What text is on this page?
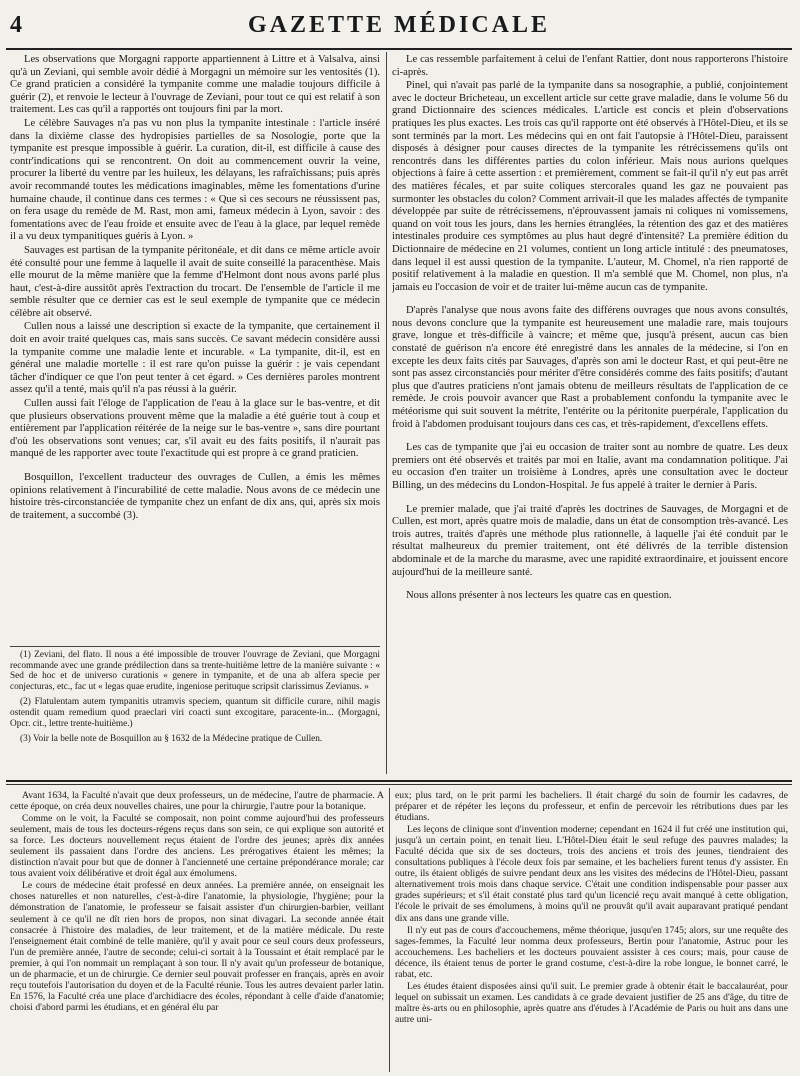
4	GAZETTE MÉDICALE

Les observations que Morgagni rapporte appartiennent à Littre et à Valsalva, ainsi qu'à un Zeviani, qui semble avoir dédié à Morgagni un mémoire sur les ventosités (1). Ce grand praticien a considéré la tympanite comme une maladie toujours difficile à guérir (2), et renvoie le lecteur à l'ouvrage de Zeviani, pour tout ce qui est relatif à son traitement. Les cas qu'il a rapportés ont toujours fini par la mort.

Le célèbre Sauvages n'a pas vu non plus la tympanite intestinale : l'article inséré dans la dixième classe des hydropisies partielles de sa Nosologie, porte que la tympanite est presque impossible à guérir. La curation, dit-il, est difficile à cause des contr'indications qui se rencontrent. On doit au commencement ouvrir la veine, procurer la liberté du ventre par les huileux, les délayans, les rafraîchissans; puis après avoir recommandé toutes les médications imaginables, même les fomentations d'urine humaine chaude, il continue dans ces termes : « Que si ces secours ne réussissent pas, on fera usage du remède de M. Rast, mon ami, fameux médecin à Lyon, savoir : des fomentations avec de l'eau froide et ensuite avec de l'eau à la glace, par lequel remède il a vu deux tympanitiques guéris à Lyon. »

Sauvages est partisan de la tympanite péritonéale, et dit dans ce même article avoir été consulté pour une femme à laquelle il avait de suite conseillé la paracenthèse. Mais elle mourut de la même manière que la femme d'Helmont dont nous avons parlé plus haut, c'est-à-dire aussitôt après l'extraction du trocart. De l'ensemble de l'article il me semble résulter que ce dernier cas est le seul exemple de tympanite que ce médecin célèbre ait observé.

Cullen nous a laissé une description si exacte de la tympanite, que certainement il doit en avoir traité quelques cas, mais sans succès. Ce savant médecin considère aussi la tympanite comme une maladie lente et incurable. « La tympanite, dit-il, est en général une maladie mortelle : il est rare qu'on puisse la guérir : je vais cependant tâcher d'indiquer ce que l'on peut tenter à cet égard. » Ces dernières paroles montrent assez qu'il a tenté, mais qu'il n'a pas réussi à la guérir.

Cullen aussi fait l'éloge de l'application de l'eau à la glace sur le bas-ventre, et dit que plusieurs observations prouvent même que la maladie a été guérie tout à coup et entièrement par l'application réitérée de la neige sur le bas-ventre », sans dire pourtant d'où les observations sont venues; car, s'il avait eu des faits positifs, il n'aurait pas manqué de les rapporter avec toute l'exactitude qui est propre à ce grand praticien.

Bosquillon, l'excellent traducteur des ouvrages de Cullen, a émis les mêmes opinions relativement à l'incurabilité de cette maladie. Nous avons de ce médecin une histoire très-circonstanciée de tympanite chez un enfant de dix ans, qui, après six mois de traitement, a succombé (3).

(1) Zeviani, del flato. Il nous a été impossible de trouver l'ouvrage de Zeviani, que Morgagni recommande avec une grande prédilection dans sa trente-huitième lettre de la manière suivante : « Sed de hoc et de universo curationis « genere in tympanite, et de una ab alfera specie per conjecturas, etc., fac ut « legas quae erudite, ingeniose perituque scripsit clarissimus Zevianus. »

(2) Flatulentam autem tympanitis utramvis speciem, quantum sit difficile curare, nihil magis ostendit quam remedium quod praeclari viri coacti sunt excogitare, paracente-in... (Morgagni, Opcr. cit., lettre trente-huitième.)

(3) Voir la belle note de Bosquillon au § 1632 de la Médecine pratique de Cullen.

Le cas ressemble parfaitement à celui de l'enfant Rattier, dont nous rapporterons l'histoire ci-après.

Pinel, qui n'avait pas parlé de la tympanite dans sa nosographie, a publié, conjointement avec le docteur Bricheteau, un excellent article sur cette grave maladie, dans le volume 56 du grand Dictionnaire des sciences médicales. L'article est concis et plein d'observations pratiques les plus exactes. Les trois cas qu'il rapporte ont été observés à l'Hôtel-Dieu, et ils se sont terminés par la mort. Les médecins qui en ont fait l'autopsie à l'Hôtel-Dieu, paraissent disposés à désigner pour causes directes de la tympanite les rétrécissemens qu'ils ont rencontrés dans les différentes parties du colon inférieur. Mais nous aurions quelques objections à faire à cette assertion : et premièrement, comment se fait-il qu'il n'y eut pas arrêt des matières fécales, et par suite coliques stercorales quand les gaz ne pouvaient pas surmonter les obstacles du colon? Comment arrivait-il que les malades affectés de tympanite développée par suite de rétrécissemens, n'éprouvassent jamais ni coliques ni vomissemens, quand on voit tous les jours, dans les hernies étranglées, la rétention des gaz et des matières intestinales produire ces symptômes au plus haut degré d'intensité? La première édition du Dictionnaire de médecine en 21 volumes, contient un long article intitulé : des pneumatoses, dans lequel il est aussi question de la tympanite. L'auteur, M. Chomel, n'a rien rapporté de positif relativement à la maladie en question. Il m'a semblé que M. Chomel, non plus, n'a jamais eu l'occasion de voir et de traiter lui-même aucun cas de tympanite.

D'après l'analyse que nous avons faite des différens ouvrages que nous avons consultés, nous devons conclure que la tympanite est heureusement une maladie rare, mais toujours grave, longue et très-difficile à vaincre; et même que, jusqu'à présent, aucun cas bien constaté de guérison n'a encore été enregistré dans les annales de la médecine, si l'on en excepte les deux faits cités par Sauvages, d'après son ami le docteur Rast, et qui peut-être ne sont pas assez circonstanciés pour mériter d'être considérés comme des faits positifs; d'autant plus que d'autres praticiens n'ont jamais obtenu de meilleurs résultats de l'application de ce remède. Je crois pouvoir avancer que Rast a probablement confondu la tympanite avec le météorisme qui suit souvent la métrite, l'entérite ou la péritonite puerpérale, l'application du froid à l'abdomen produisant toujours dans ces cas, et très-rapidement, d'excellens effets.

Les cas de tympanite que j'ai eu occasion de traiter sont au nombre de quatre. Les deux premiers ont été observés et traités par moi en Italie, avant ma condamnation politique. J'ai eu occasion d'en traiter un troisième à Londres, après une consultation avec le docteur Billing, un des médecins du London-Hospital. Je fus appelé à traiter le dernier à Paris.

Le premier malade, que j'ai traité d'après les doctrines de Sauvages, de Morgagni et de Cullen, est mort, après quatre mois de maladie, dans un état de consomption très-avancé. Les trois autres, traités d'après une méthode plus rationnelle, à laquelle j'ai été conduit par le résultat malheureux du premier traitement, ont été délivrés de la terrible distension abdominale et de la marche du marasme, avec une rapidité extraordinaire, et jouissent encore aujourd'hui de la meilleure santé.

Nous allons présenter à nos lecteurs les quatre cas en question.

Avant 1634, la Faculté n'avait que deux professeurs, un de médecine, l'autre de pharmacie. A cette époque, on créa deux nouvelles chaires, une pour la chirurgie, l'autre pour la botanique.

Comme on le voit, la Faculté se composait, non point comme aujourd'hui des professeurs seulement, mais de tous les docteurs-régens reçus dans son sein, ce qui explique son autorité et sa force. Les docteurs nouvellement reçus étaient de l'ordre des jeunes; après dix années seulement ils passaient dans l'ordre des anciens. Les prérogatives étaient les mêmes; la distinction n'avait pour but que de donner à l'ancienneté une certaine prépondérance morale; car tous avaient voix délibérative et droit égal aux émolumens.

Le cours de médecine était professé en deux années. La première année, on enseignait les choses naturelles et non naturelles, c'est-à-dire l'anatomie, la physiologie, l'hygiène; pour la démonstration de l'anatomie, le professeur se faisait assister d'un chirurgien-barbier, veillant seulement à ce qu'il ne dît rien hors de propos, non sinat divagari. La seconde année était consacrée à l'histoire des maladies, de leur traitement, et de la matière médicale. Du reste l'enseignement était combiné de telle manière, qu'il y avait pour ce seul cours deux professeurs, l'un de première année, l'autre de seconde; celui-ci sortait à la Toussaint et était remplacé par le premier, à qui l'on nommait un remplaçant à son tour. Il n'y avait qu'un professeur de botanique, un de pharmacie, et un de chirurgie. Ce dernier seul pouvait professer en français, après en avoir reçu toutefois l'autorisation du doyen et de la Faculté réunie. Tous les autres devaient parler latin. En 1576, la Faculté créa une place d'archidiacre des écoles, répondant à celle d'aide d'anatomie; choisi d'abord parmi les étudians, et en général élu par

eux; plus tard, on le prit parmi les bacheliers. Il était chargé du soin de fournir les cadavres, de préparer et de répéter les leçons du professeur, et enfin de percevoir les rétributions dues par les étudians.

Les leçons de clinique sont d'invention moderne; cependant en 1624 il fut créé une institution qui, jusqu'à un certain point, en tenait lieu. L'Hôtel-Dieu était le seul refuge des pauvres malades; la Faculté décida que six de ses docteurs, trois des anciens et trois des jeunes, tiendraient des consultations publiques à l'école deux fois par semaine, et les bacheliers furent tenus d'y assister. En outre, ils étaient obligés de suivre pendant deux ans les visites des médecins de l'Hôtel-Dieu, passant alternativement trois mois dans chaque service. C'était une condition indispensable pour passer aux grades supérieurs; et s'il était constaté plus tard qu'un licencié reçu avait manqué à cette obligation, l'école le privait de ses émolumens, à moins qu'il ne prouvât qu'il avait auparavant pratiqué pendant dix ans dans une grande ville.

Il n'y eut pas de cours d'accouchemens, même théorique, jusqu'en 1745; alors, sur une requête des sages-femmes, la Faculté leur nomma deux professeurs, Bertin pour l'anatomie, Astruc pour les accouchemens. Les bacheliers et les docteurs pouvaient assister à ces cours; mais, pour cause de décence, ils étaient tenus de porter le grand costume, c'est-à-dire la robe longue, le bonnet carré, le rabat, etc.

Les études étaient disposées ainsi qu'il suit. Le premier grade à obtenir était le baccalauréat, pour lequel on subissait un examen. Les candidats à ce grade devaient justifier de 25 ans d'âge, du titre de maître ès-arts ou en philosophie, après quatre ans d'études à l'Académie de Paris ou huit ans dans une autre uni-
